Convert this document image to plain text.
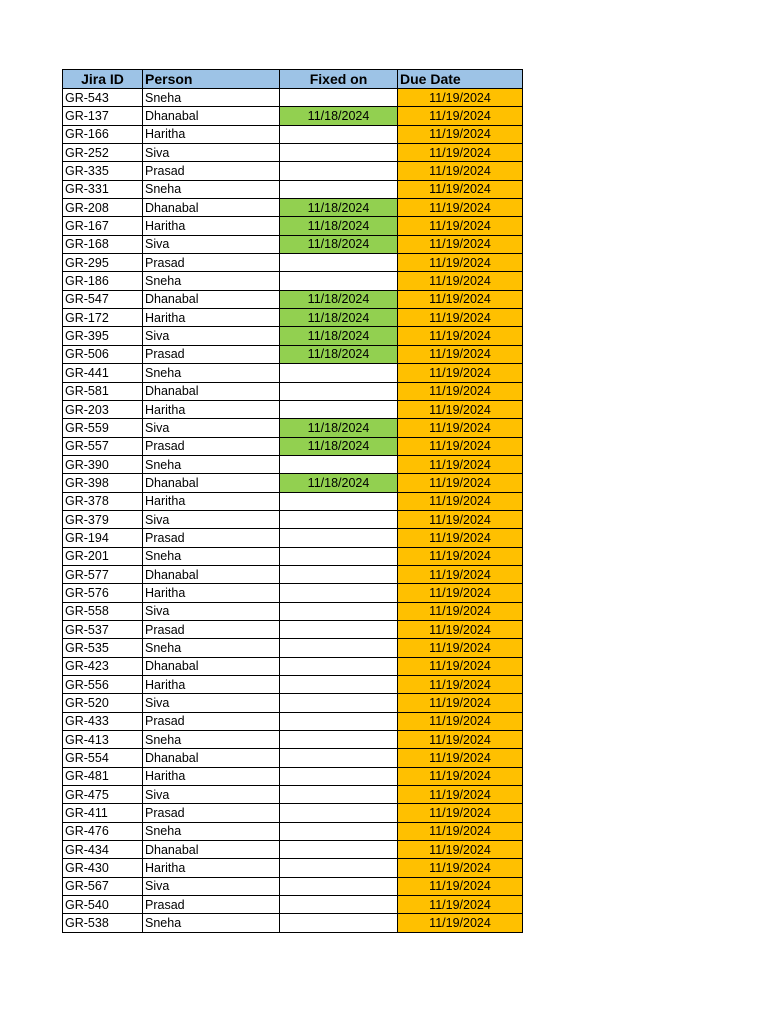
Jira ID	Person	Fixed on	Due Date
GR-543	Sneha		11/19/2024
GR-137	Dhanabal	11/18/2024	11/19/2024
GR-166	Haritha		11/19/2024
GR-252	Siva		11/19/2024
GR-335	Prasad		11/19/2024
GR-331	Sneha		11/19/2024
GR-208	Dhanabal	11/18/2024	11/19/2024
GR-167	Haritha	11/18/2024	11/19/2024
GR-168	Siva	11/18/2024	11/19/2024
GR-295	Prasad		11/19/2024
GR-186	Sneha		11/19/2024
GR-547	Dhanabal	11/18/2024	11/19/2024
GR-172	Haritha	11/18/2024	11/19/2024
GR-395	Siva	11/18/2024	11/19/2024
GR-506	Prasad	11/18/2024	11/19/2024
GR-441	Sneha		11/19/2024
GR-581	Dhanabal		11/19/2024
GR-203	Haritha		11/19/2024
GR-559	Siva	11/18/2024	11/19/2024
GR-557	Prasad	11/18/2024	11/19/2024
GR-390	Sneha		11/19/2024
GR-398	Dhanabal	11/18/2024	11/19/2024
GR-378	Haritha		11/19/2024
GR-379	Siva		11/19/2024
GR-194	Prasad		11/19/2024
GR-201	Sneha		11/19/2024
GR-577	Dhanabal		11/19/2024
GR-576	Haritha		11/19/2024
GR-558	Siva		11/19/2024
GR-537	Prasad		11/19/2024
GR-535	Sneha		11/19/2024
GR-423	Dhanabal		11/19/2024
GR-556	Haritha		11/19/2024
GR-520	Siva		11/19/2024
GR-433	Prasad		11/19/2024
GR-413	Sneha		11/19/2024
GR-554	Dhanabal		11/19/2024
GR-481	Haritha		11/19/2024
GR-475	Siva		11/19/2024
GR-411	Prasad		11/19/2024
GR-476	Sneha		11/19/2024
GR-434	Dhanabal		11/19/2024
GR-430	Haritha		11/19/2024
GR-567	Siva		11/19/2024
GR-540	Prasad		11/19/2024
GR-538	Sneha		11/19/2024
